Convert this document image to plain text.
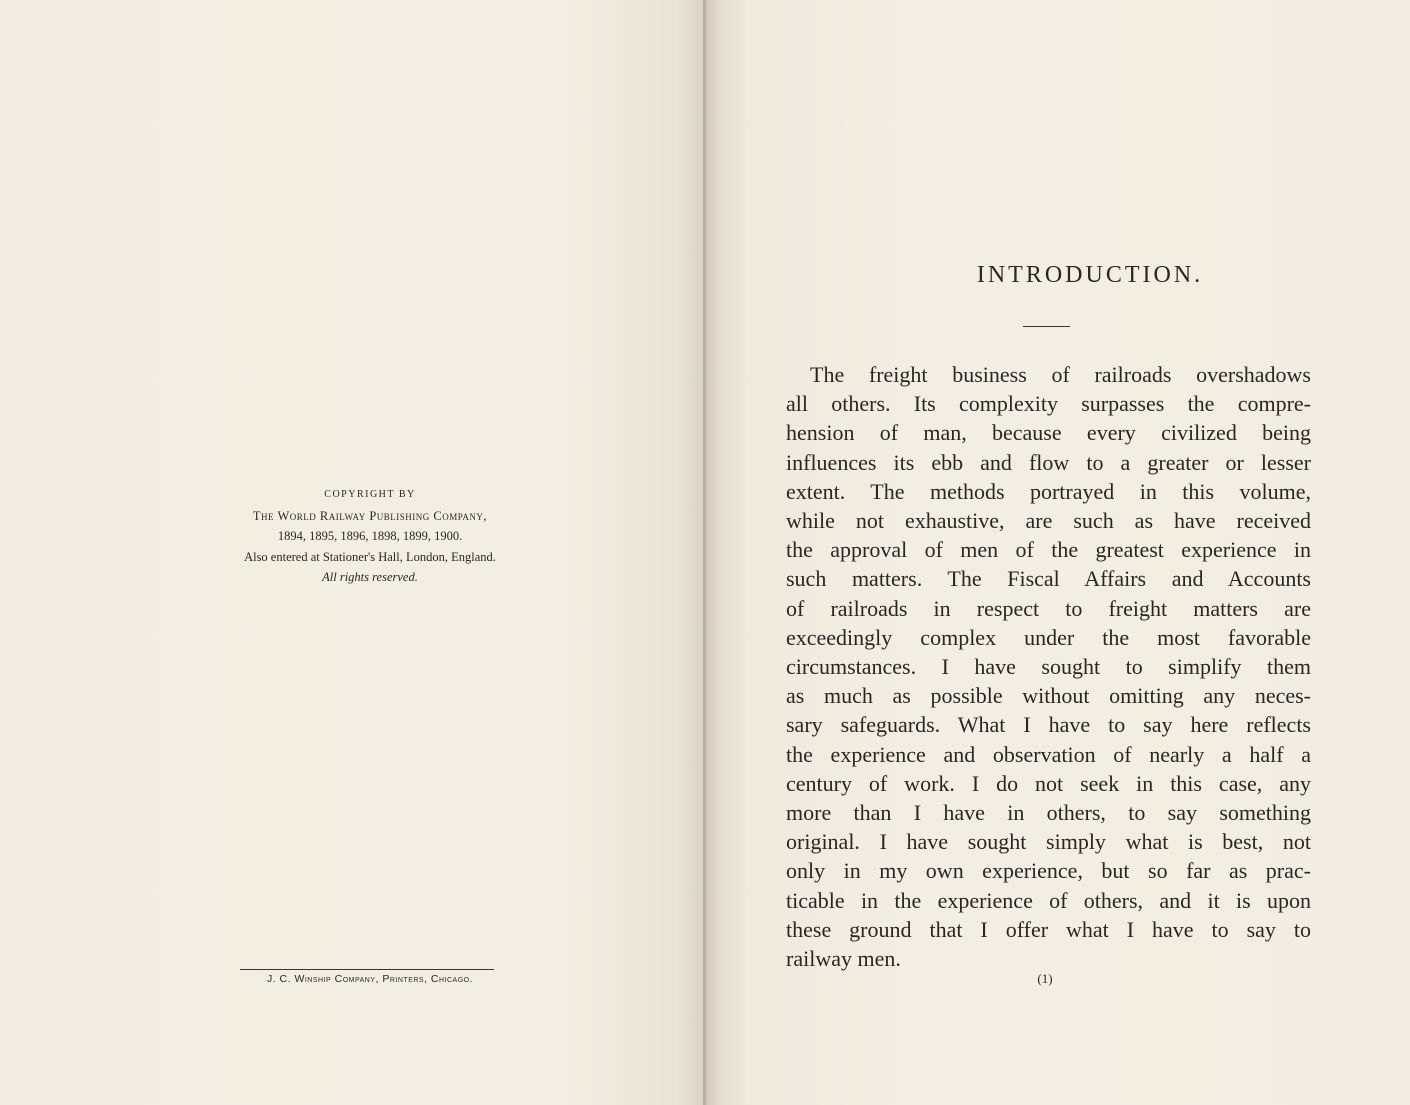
COPYRIGHT BY
The World Railway Publishing Company,
1894, 1895, 1896, 1898, 1899, 1900.
Also entered at Stationer's Hall, London, England.
All rights reserved.
J. C. Winship Company, Printers, Chicago.
INTRODUCTION.
The freight business of railroads overshadows
all others. Its complexity surpasses the compre-
hension of man, because every civilized being
influences its ebb and flow to a greater or lesser
extent. The methods portrayed in this volume,
while not exhaustive, are such as have received
the approval of men of the greatest experience in
such matters. The Fiscal Affairs and Accounts
of railroads in respect to freight matters are
exceedingly complex under the most favorable
circumstances. I have sought to simplify them
as much as possible without omitting any neces-
sary safeguards. What I have to say here reflects
the experience and observation of nearly a half a
century of work. I do not seek in this case, any
more than I have in others, to say something
original. I have sought simply what is best, not
only in my own experience, but so far as prac-
ticable in the experience of others, and it is upon
these ground that I offer what I have to say to
railway men.
(1)
